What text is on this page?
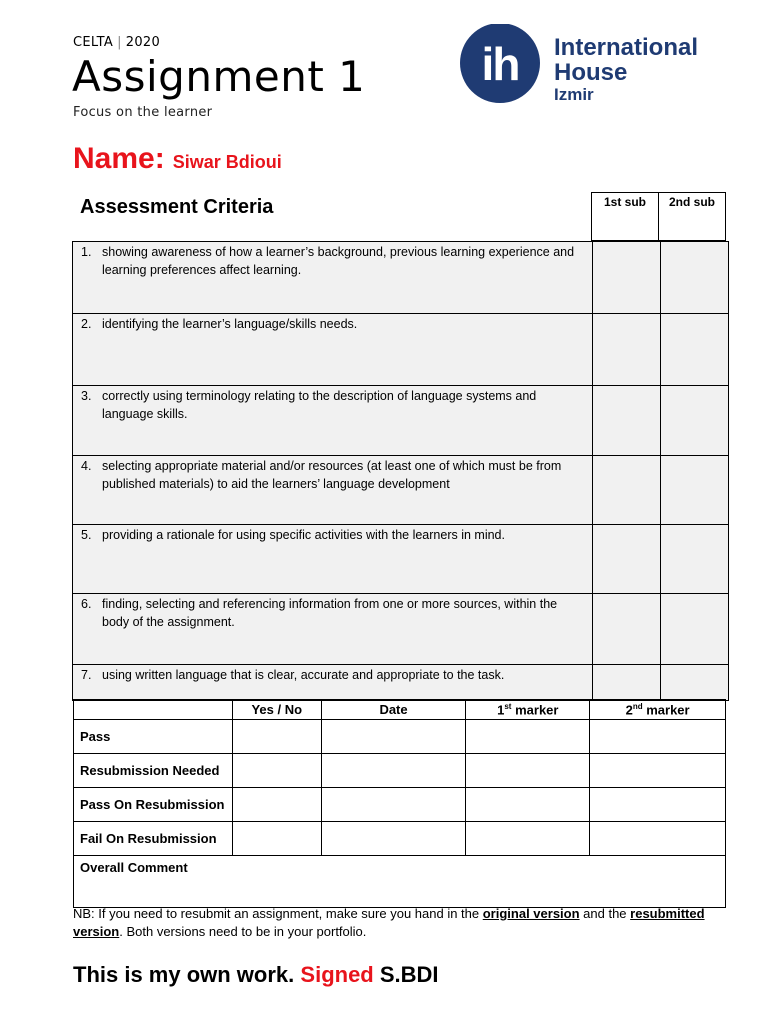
CELTA | 2020
Assignment 1
Focus on the learner
ih International
House
Izmir
Name: Siwar Bdioui
Assessment Criteria	1st sub	2nd sub
1. showing awareness of how a learner’s background, previous learning experience and learning preferences affect learning.		

2. identifying the learner’s language/skills needs.		

3. correctly using terminology relating to the description of language systems and language skills.		

4. selecting appropriate material and/or resources (at least one of which must be from published materials) to aid the learners’ language development		

5. providing a rationale for using specific activities with the learners in mind.		

6. finding, selecting and referencing information from one or more sources, within the body of the assignment.		

7. using written language that is clear, accurate and appropriate to the task.		

	Yes / No	Date	1st marker	2nd marker
Pass				
Resubmission Needed				
Pass On Resubmission				
Fail On Resubmission				
Overall Comment				
NB: If you need to resubmit an assignment, make sure you hand in the original version and the resubmitted version. Both versions need to be in your portfolio.
This is my own work. Signed S.BDI
